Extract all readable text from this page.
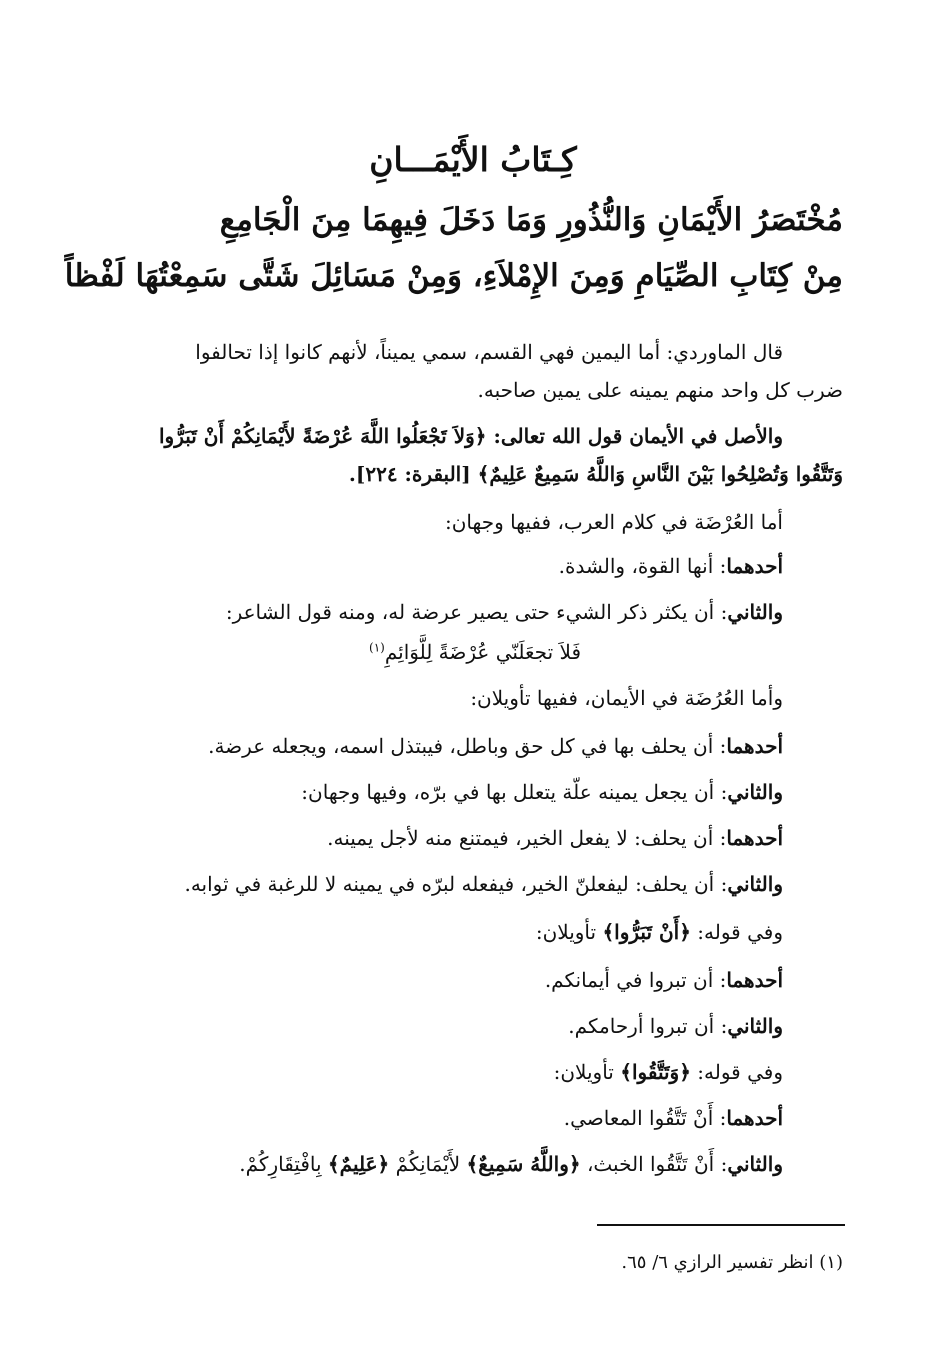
كِـتَابُ الأَيْمَـــانِ
مُخْتَصَرُ الأَيْمَانِ وَالنُّذُورِ وَمَا دَخَلَ فِيهِمَا مِنَ الْجَامِعِ
مِنْ كِتَابِ الصِّيَامِ وَمِنَ الإِمْلاَءِ، وَمِنْ مَسَائِلَ شَتَّى سَمِعْتُهَا لَفْظاً
قال الماوردي: أما اليمين فهي القسم، سمي يميناً، لأنهم كانوا إذا تحالفوا
ضرب كل واحد منهم يمينه على يمين صاحبه.
والأصل في الأيمان قول الله تعالى: ﴿وَلاَ تَجْعَلُوا اللَّهَ عُرْضَةً لأَيْمَانِكُمْ أَنْ تَبَرُّوا
وَتَتَّقُوا وَتُصْلِحُوا بَيْنَ النَّاسِ وَاللَّهُ سَمِيعٌ عَلِيمٌ﴾ [البقرة: ٢٢٤].
أما العُرْضَة في كلام العرب، ففيها وجهان:
أحدهما: أنها القوة، والشدة.
والثاني: أن يكثر ذكر الشيء حتى يصير عرضة له، ومنه قول الشاعر:
فَلاَ تجعَلَنّي عُرْضَةً لِلَّوَائِمِ$^{(١)}$
وأما العُرُضَة في الأيمان، ففيها تأويلان:
أحدهما: أن يحلف بها في كل حق وباطل، فيبتذل اسمه، ويجعله عرضة.
والثاني: أن يجعل يمينه علّة يتعلل بها في برّه، وفيها وجهان:
أحدهما: أن يحلف: لا يفعل الخير، فيمتنع منه لأجل يمينه.
والثاني: أن يحلف: ليفعلنّ الخير، فيفعله لبرّه في يمينه لا للرغبة في ثوابه.
وفي قوله: ﴿أَنْ تَبَرُّوا﴾ تأويلان:
أحدهما: أن تبروا في أيمانكم.
والثاني: أن تبروا أرحامكم.
وفي قوله: ﴿وَتَتَّقُوا﴾ تأويلان:
أحدهما: أَنْ تَتَّقُوا المعاصي.
والثاني: أَنْ تَتَّقُوا الخبث، ﴿واللَّهُ سَمِيعٌ﴾ لأَيْمَانِكُمْ ﴿عَلِيمٌ﴾ بِافْتِقَارِكُمْ.
(١) انظر تفسير الرازي ٦/ ٦٥.
